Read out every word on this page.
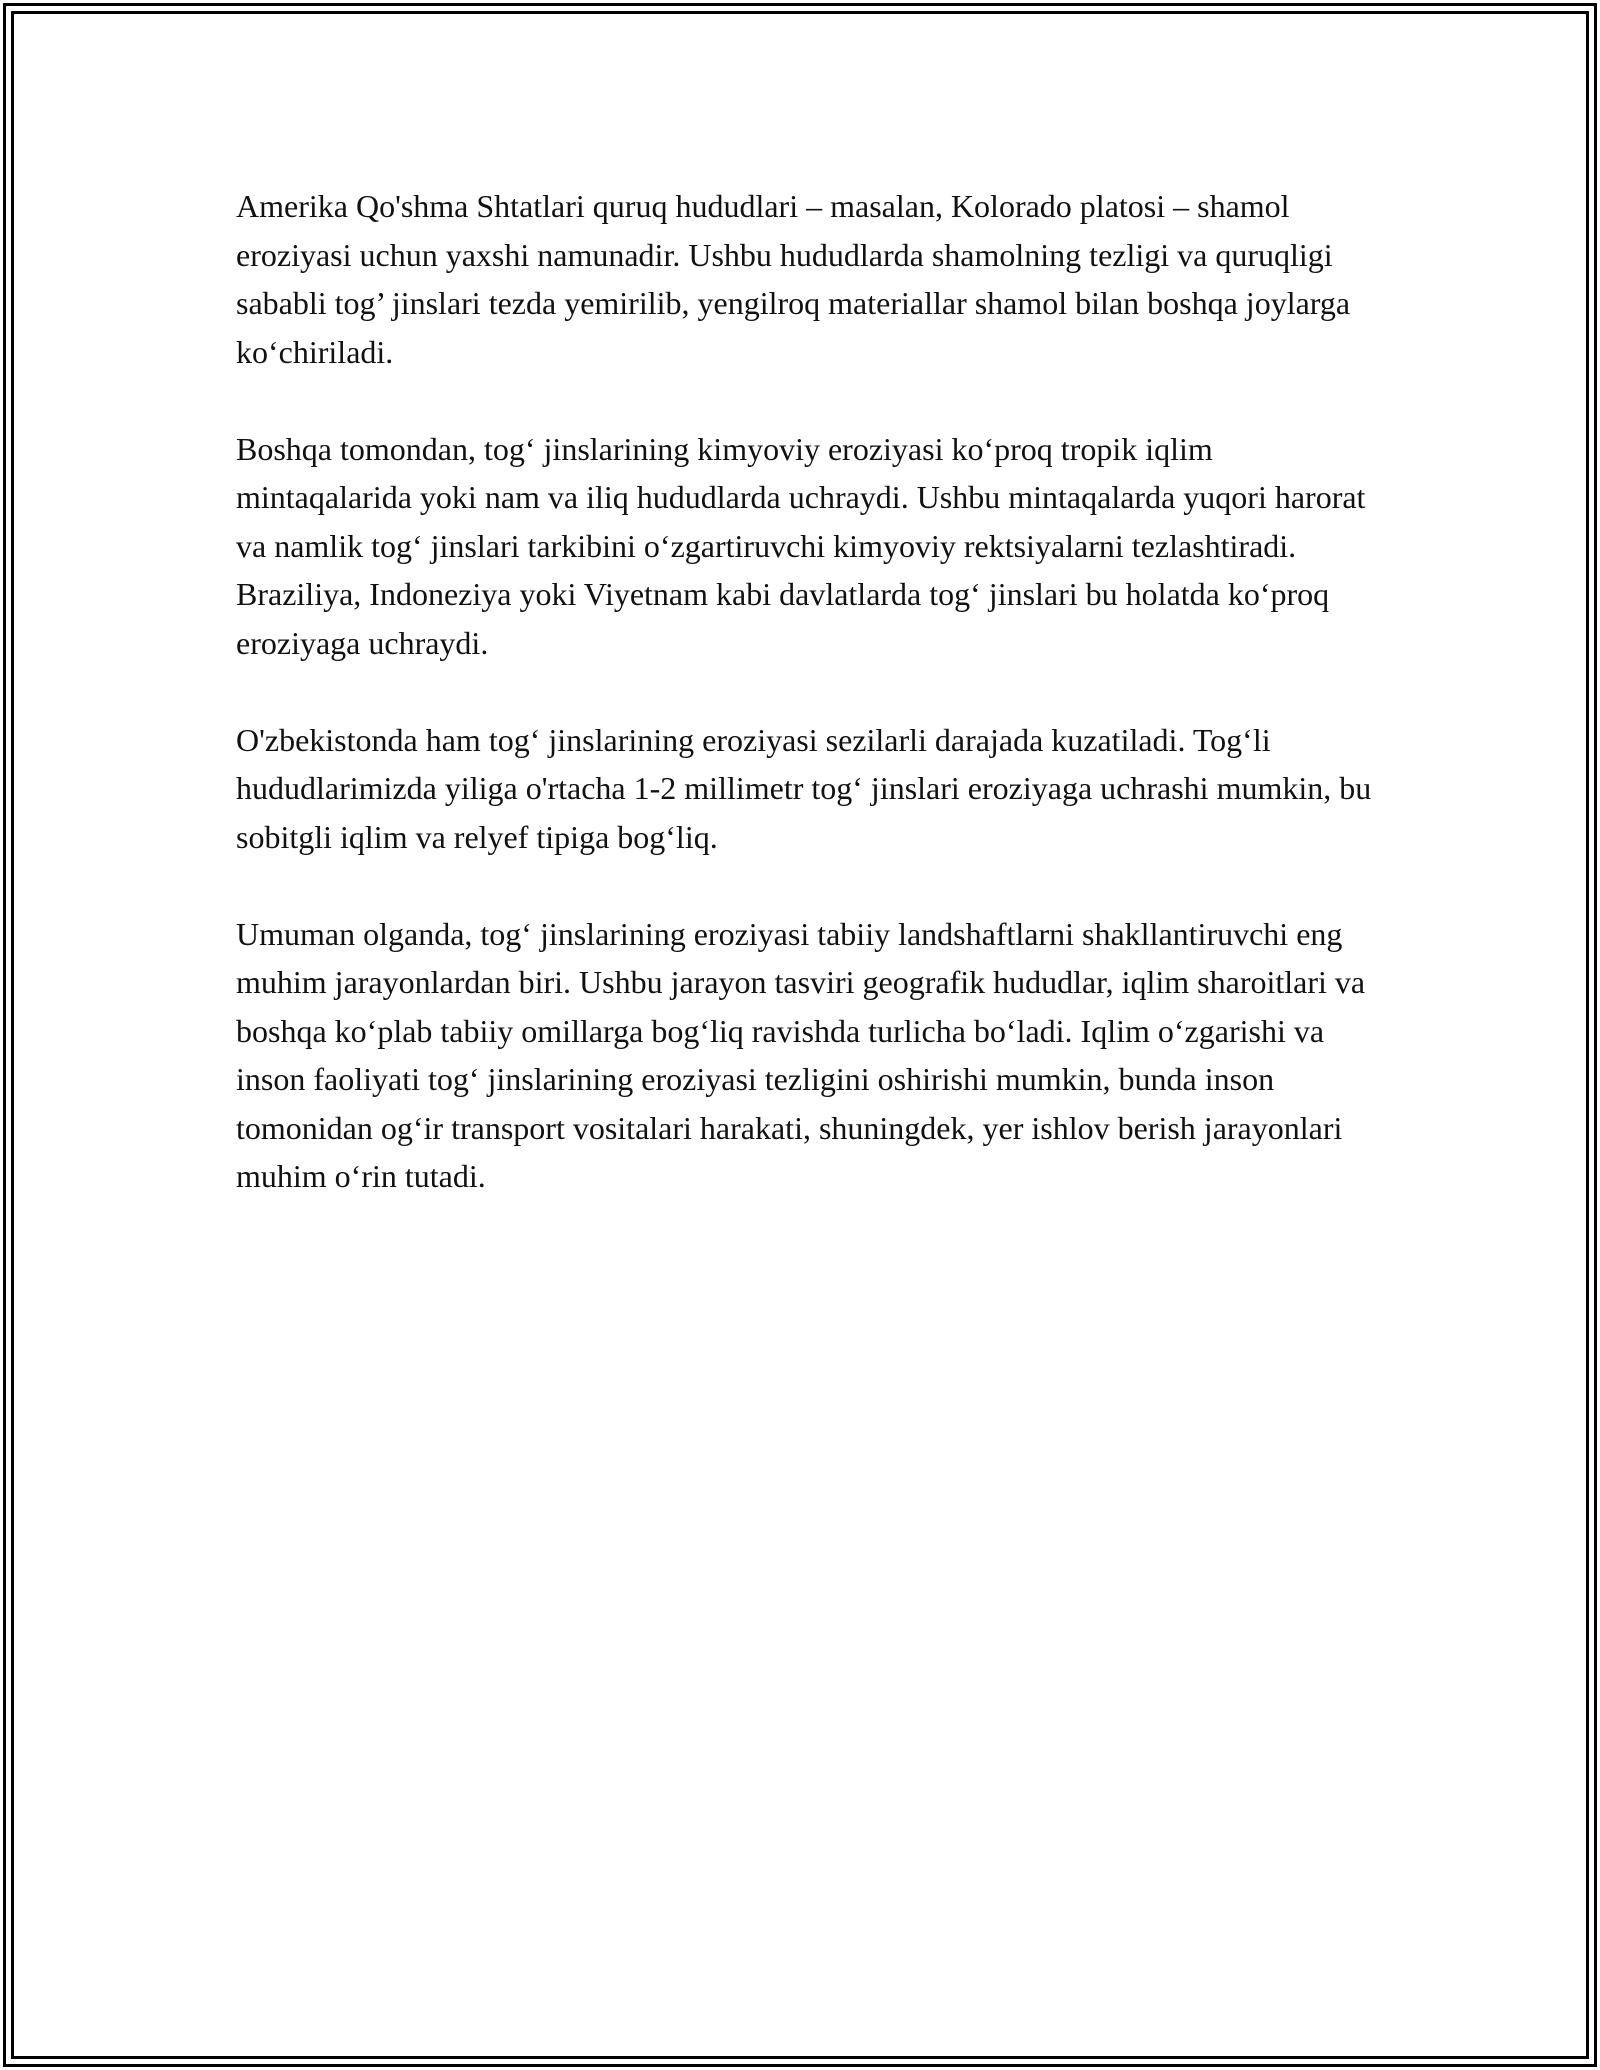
Amerika Qo'shma Shtatlari quruq hududlari – masalan, Kolorado platosi – shamol eroziyasi uchun yaxshi namunadir. Ushbu hududlarda shamolning tezligi va quruqligi sababli tog’ jinslari tezda yemirilib, yengilroq materiallar shamol bilan boshqa joylarga ko‘chiriladi.

Boshqa tomondan, tog‘ jinslarining kimyoviy eroziyasi ko‘proq tropik iqlim mintaqalarida yoki nam va iliq hududlarda uchraydi. Ushbu mintaqalarda yuqori harorat va namlik tog‘ jinslari tarkibini o‘zgartiruvchi kimyoviy rektsiyalarni tezlashtiradi. Braziliya, Indoneziya yoki Viyetnam kabi davlatlarda tog‘ jinslari bu holatda ko‘proq eroziyaga uchraydi.

O'zbekistonda ham tog‘ jinslarining eroziyasi sezilarli darajada kuzatiladi. Tog‘li hududlarimizda yiliga o'rtacha 1-2 millimetr tog‘ jinslari eroziyaga uchrashi mumkin, bu sobitgli iqlim va relyef tipiga bog‘liq.

Umuman olganda, tog‘ jinslarining eroziyasi tabiiy landshaftlarni shakllantiruvchi eng muhim jarayonlardan biri. Ushbu jarayon tasviri geografik hududlar, iqlim sharoitlari va boshqa ko‘plab tabiiy omillarga bog‘liq ravishda turlicha bo‘ladi. Iqlim o‘zgarishi va inson faoliyati tog‘ jinslarining eroziyasi tezligini oshirishi mumkin, bunda inson tomonidan og‘ir transport vositalari harakati, shuningdek, yer ishlov berish jarayonlari muhim o‘rin tutadi.
